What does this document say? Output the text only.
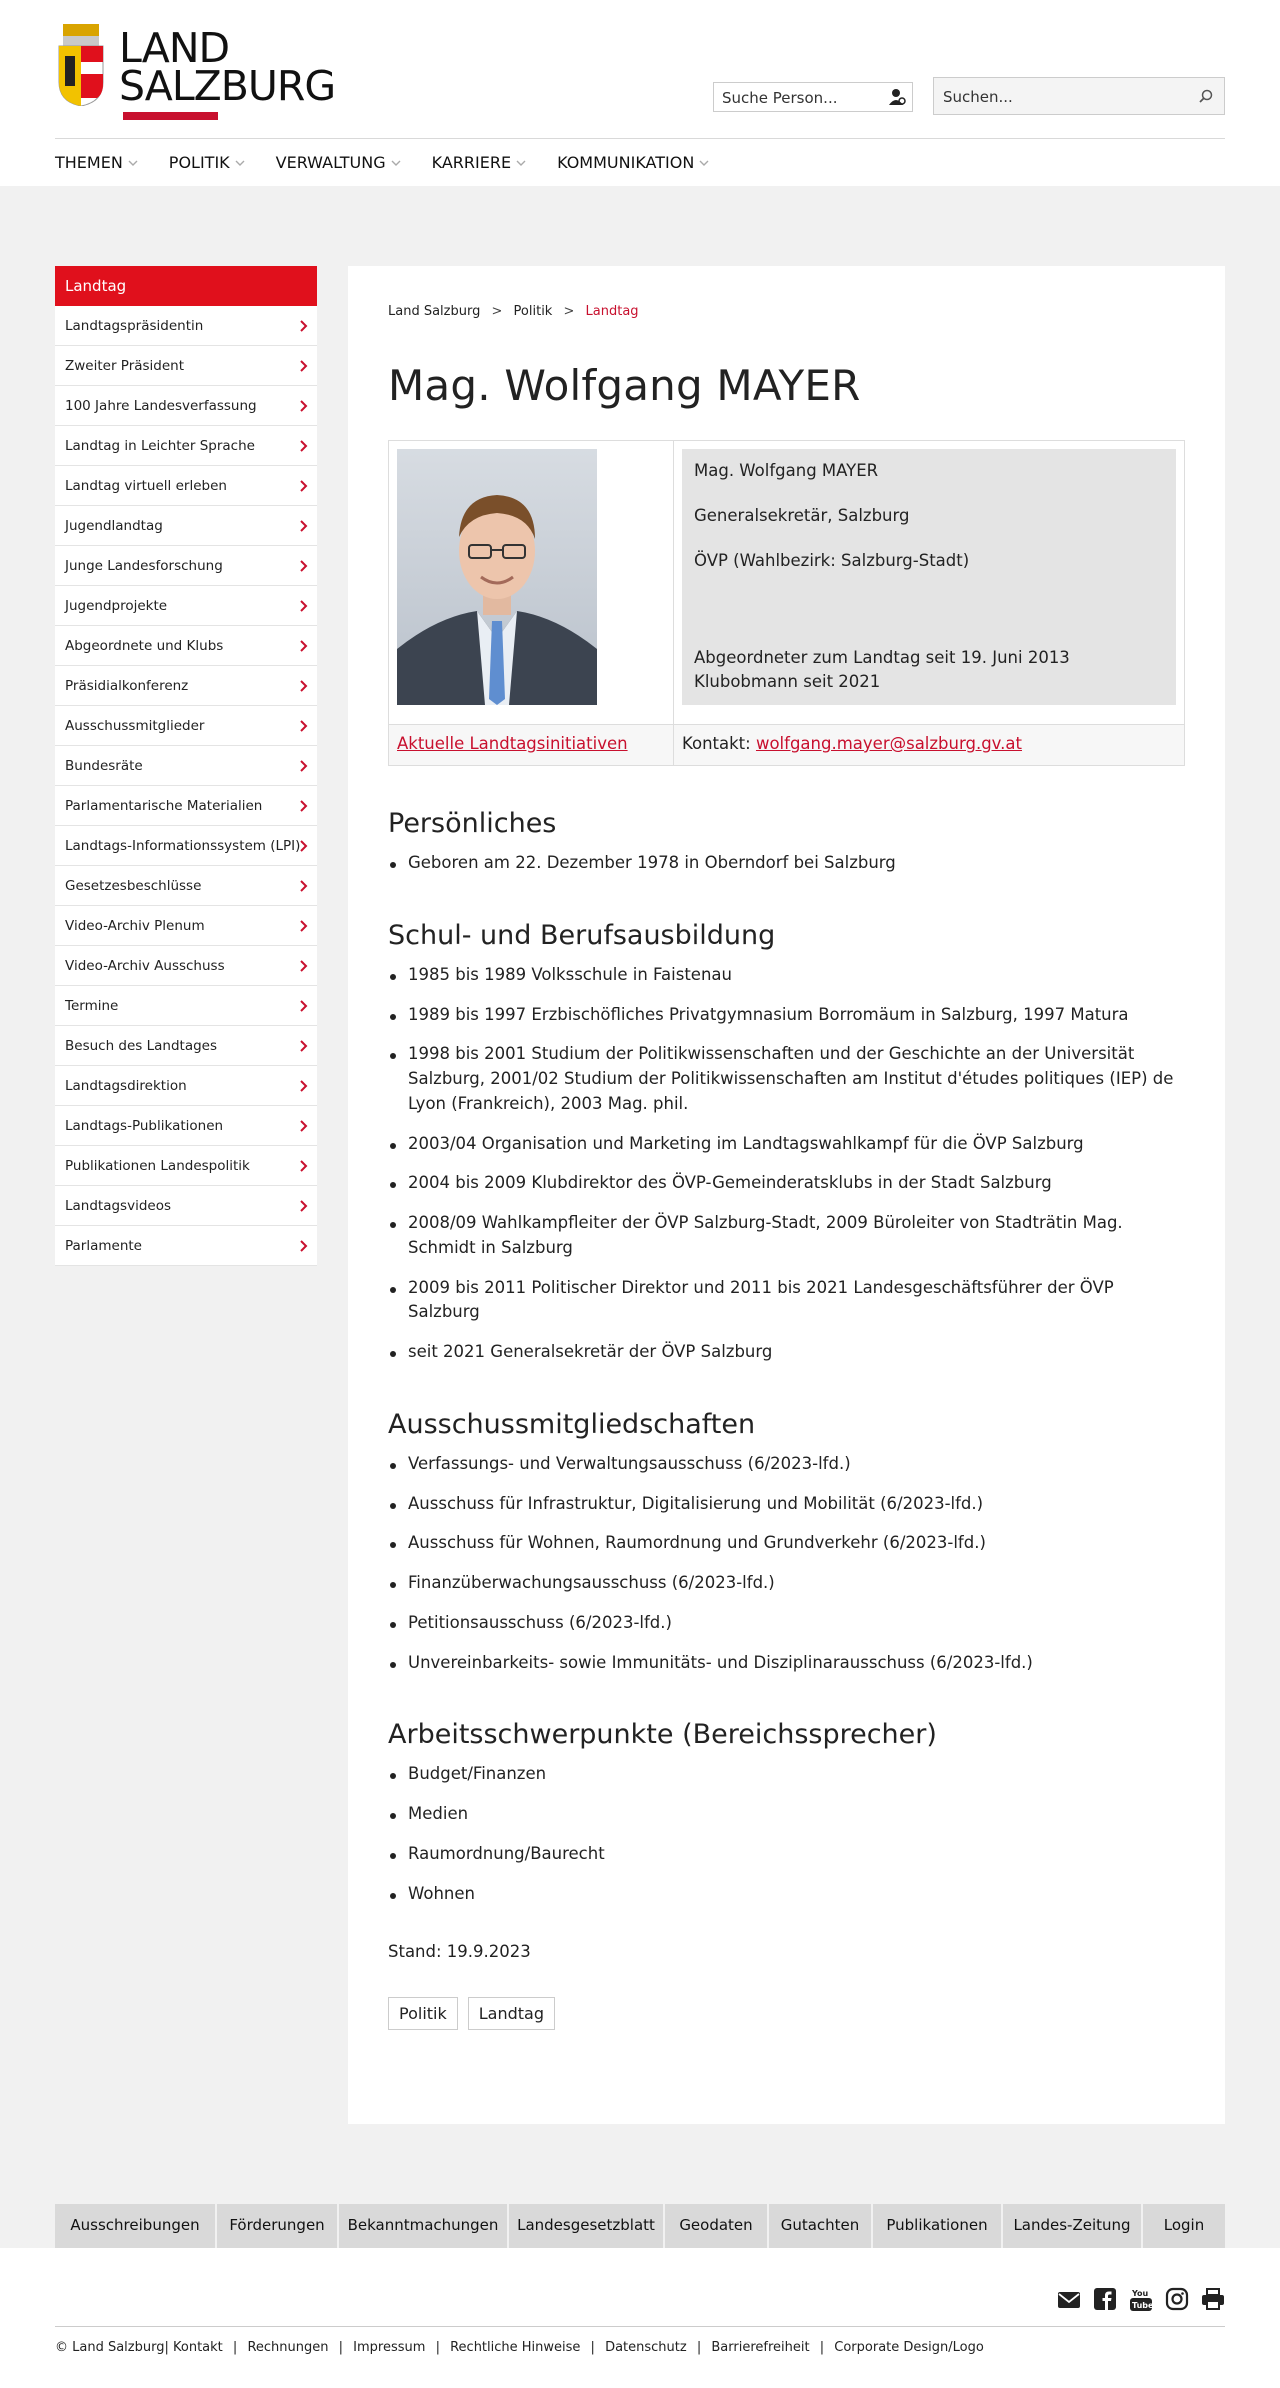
LAND
SALZBURG	Suche Person...	Suchen...
THEMEN	POLITIK	VERWALTUNG	KARRIERE	KOMMUNIKATION
Landtag
Landtagspräsidentin
Zweiter Präsident
100 Jahre Landesverfassung
Landtag in Leichter Sprache
Landtag virtuell erleben
Jugendlandtag
Junge Landesforschung
Jugendprojekte
Abgeordnete und Klubs
Präsidialkonferenz
Ausschussmitglieder
Bundesräte
Parlamentarische Materialien
Landtags-Informationssystem (LPI)
Gesetzesbeschlüsse
Video-Archiv Plenum
Video-Archiv Ausschuss
Termine
Besuch des Landtages
Landtagsdirektion
Landtags-Publikationen
Publikationen Landespolitik
Landtagsvideos
Parlamente
Land Salzburg > Politik > Landtag
Mag. Wolfgang MAYER
Mag. Wolfgang MAYER
Generalsekretär, Salzburg
ÖVP (Wahlbezirk: Salzburg-Stadt)
Abgeordneter zum Landtag seit 19. Juni 2013
Klubobmann seit 2021
Aktuelle Landtagsinitiativen	Kontakt: wolfgang.mayer@salzburg.gv.at
Persönliches
Geboren am 22. Dezember 1978 in Oberndorf bei Salzburg
Schul- und Berufsausbildung
1985 bis 1989 Volksschule in Faistenau
1989 bis 1997 Erzbischöfliches Privatgymnasium Borromäum in Salzburg, 1997 Matura
1998 bis 2001 Studium der Politikwissenschaften und der Geschichte an der Universität Salzburg, 2001/02 Studium der Politikwissenschaften am Institut d'études politiques (IEP) de Lyon (Frankreich), 2003 Mag. phil.
2003/04 Organisation und Marketing im Landtagswahlkampf für die ÖVP Salzburg
2004 bis 2009 Klubdirektor des ÖVP-Gemeinderatsklubs in der Stadt Salzburg
2008/09 Wahlkampfleiter der ÖVP Salzburg-Stadt, 2009 Büroleiter von Stadträtin Mag. Schmidt in Salzburg
2009 bis 2011 Politischer Direktor und 2011 bis 2021 Landesgeschäftsführer der ÖVP Salzburg
seit 2021 Generalsekretär der ÖVP Salzburg
Ausschussmitgliedschaften
Verfassungs- und Verwaltungsausschuss (6/2023-lfd.)
Ausschuss für Infrastruktur, Digitalisierung und Mobilität (6/2023-lfd.)
Ausschuss für Wohnen, Raumordnung und Grundverkehr (6/2023-lfd.)
Finanzüberwachungsausschuss (6/2023-lfd.)
Petitionsausschuss (6/2023-lfd.)
Unvereinbarkeits- sowie Immunitäts- und Disziplinarausschuss (6/2023-lfd.)
Arbeitsschwerpunkte (Bereichssprecher)
Budget/Finanzen
Medien
Raumordnung/Baurecht
Wohnen
Stand: 19.9.2023
Politik	Landtag
Ausschreibungen	Förderungen	Bekanntmachungen	Landesgesetzblatt	Geodaten	Gutachten	Publikationen	Landes-Zeitung	Login
You
Tube
© Land Salzburg| Kontakt | Rechnungen | Impressum | Rechtliche Hinweise | Datenschutz | Barrierefreiheit | Corporate Design/Logo
